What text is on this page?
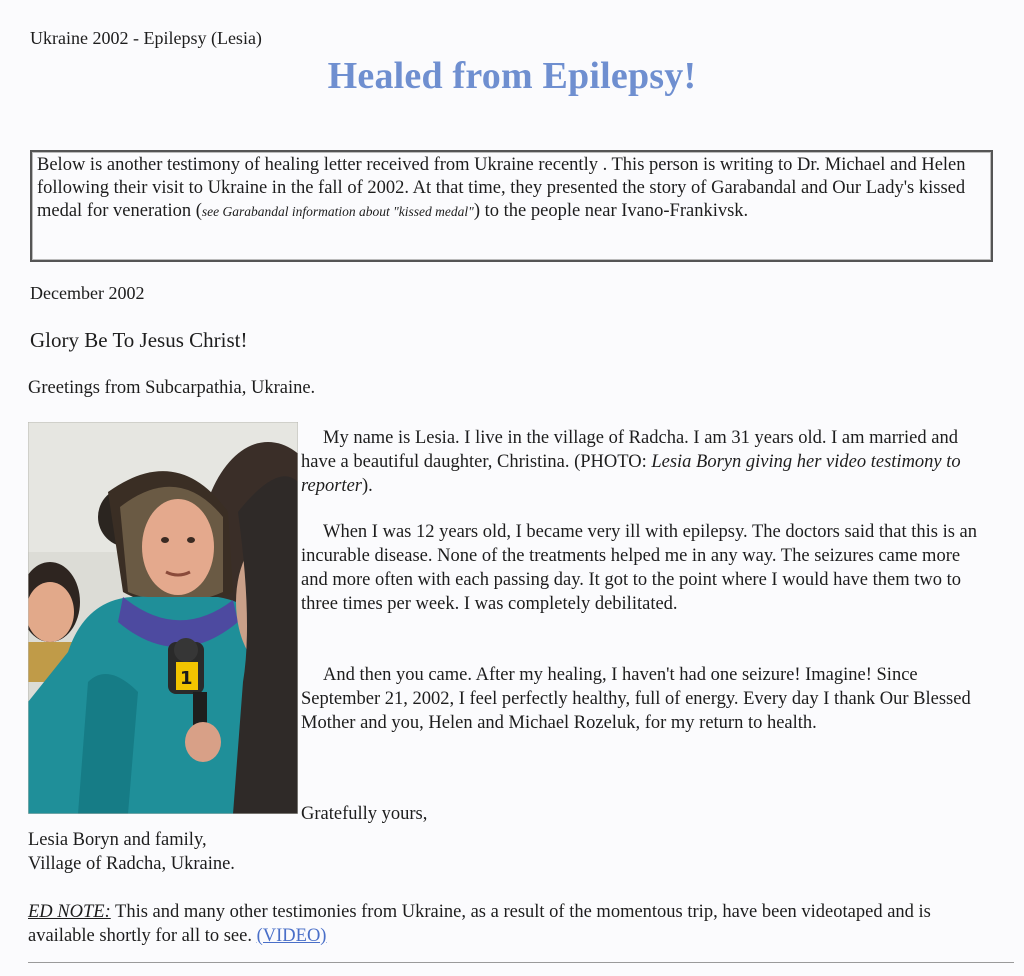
Ukraine 2002 - Epilepsy (Lesia)
Healed from Epilepsy!
Below is another testimony of healing letter received from Ukraine recently . This person is writing to Dr. Michael and Helen following their visit to Ukraine in the fall of 2002. At that time, they presented the story of Garabandal and Our Lady's kissed medal for veneration (see Garabandal information about "kissed medal") to the people near Ivano-Frankivsk.
December 2002
Glory Be To Jesus Christ!
Greetings from Subcarpathia, Ukraine.
1
My name is Lesia. I live in the village of Radcha. I am 31 years old. I am married and have a beautiful daughter, Christina. (PHOTO: Lesia Boryn giving her video testimony to reporter).
When I was 12 years old, I became very ill with epilepsy. The doctors said that this is an incurable disease. None of the treatments helped me in any way. The seizures came more and more often with each passing day. It got to the point where I would have them two to three times per week. I was completely debilitated.
And then you came. After my healing, I haven't had one seizure! Imagine! Since September 21, 2002, I feel perfectly healthy, full of energy. Every day I thank Our Blessed Mother and you, Helen and Michael Rozeluk, for my return to health.
Gratefully yours,
Lesia Boryn and family,
Village of Radcha, Ukraine.
ED NOTE: This and many other testimonies from Ukraine, as a result of the momentous trip, have been videotaped and is available shortly for all to see. (VIDEO)
